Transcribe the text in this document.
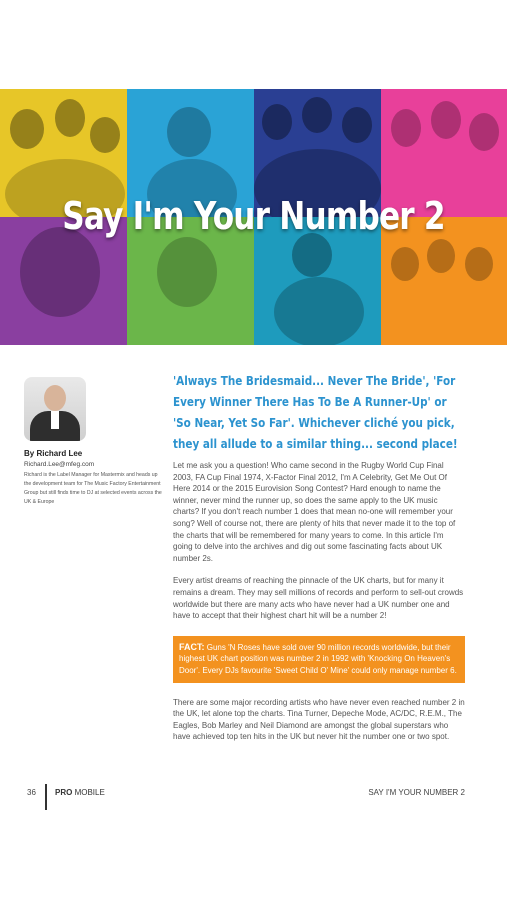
Say I'm Your Number 2
By Richard Lee
Richard.Lee@mfeg.com
Richard is the Label Manager for Mastermix and heads up the development team for The Music Factory Entertainment Group but still finds time to DJ at selected events across the UK & Europe
'Always The Bridesmaid... Never The Bride', 'For Every Winner There Has To Be A Runner-Up' or 'So Near, Yet So Far'. Whichever cliché you pick, they all allude to a similar thing... second place!

Let me ask you a question! Who came second in the Rugby World Cup Final 2003, FA Cup Final 1974, X-Factor Final 2012, I'm A Celebrity, Get Me Out Of Here 2014 or the 2015 Eurovision Song Contest? Hard enough to name the winner, never mind the runner up, so does the same apply to the UK music charts? If you don't reach number 1 does that mean no-one will remember your song? Well of course not, there are plenty of hits that never made it to the top of the charts that will be remembered for many years to come. In this article I'm going to delve into the archives and dig out some fascinating facts about UK number 2s.

Every artist dreams of reaching the pinnacle of the UK charts, but for many it remains a dream. They may sell millions of records and perform to sell-out crowds worldwide but there are many acts who have never had a UK number one and have to accept that their highest chart hit will be a number 2!

FACT: Guns 'N Roses have sold over 90 million records worldwide, but their highest UK chart position was number 2 in 1992 with 'Knocking On Heaven's Door'. Every DJs favourite 'Sweet Child O' Mine' could only manage number 6.

There are some major recording artists who have never even reached number 2 in the UK, let alone top the charts. Tina Turner, Depeche Mode, AC/DC, R.E.M., The Eagles, Bob Marley and Neil Diamond are amongst the global superstars who have achieved top ten hits in the UK but never hit the number one or two spot.

36 PRO MOBILE	SAY I'M YOUR NUMBER 2
